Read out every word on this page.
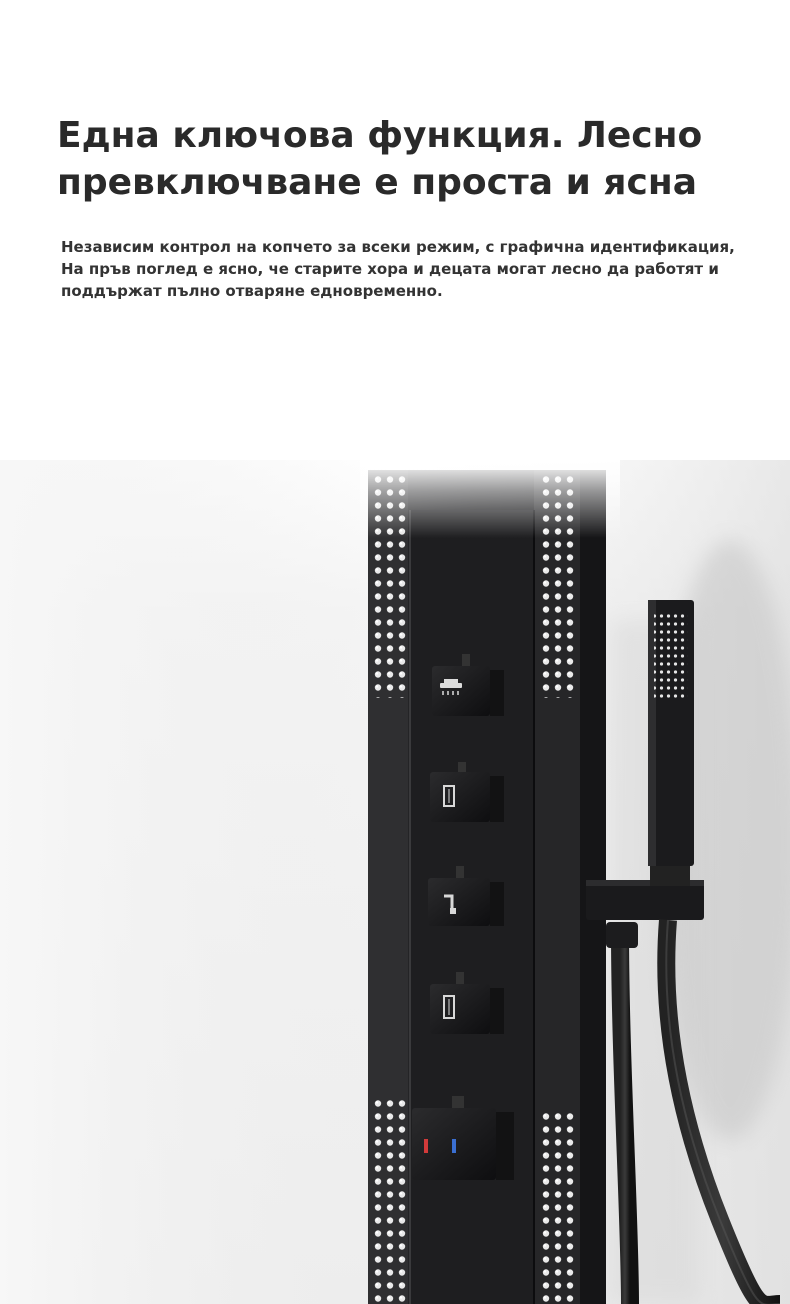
Една ключова функция. Лесно
превключване е проста и ясна

Независим контрол на копчето за всеки режим, с графична идентификация,
На пръв поглед е ясно, че старите хора и децата могат лесно да работят и
поддържат пълно отваряне едновременно.
